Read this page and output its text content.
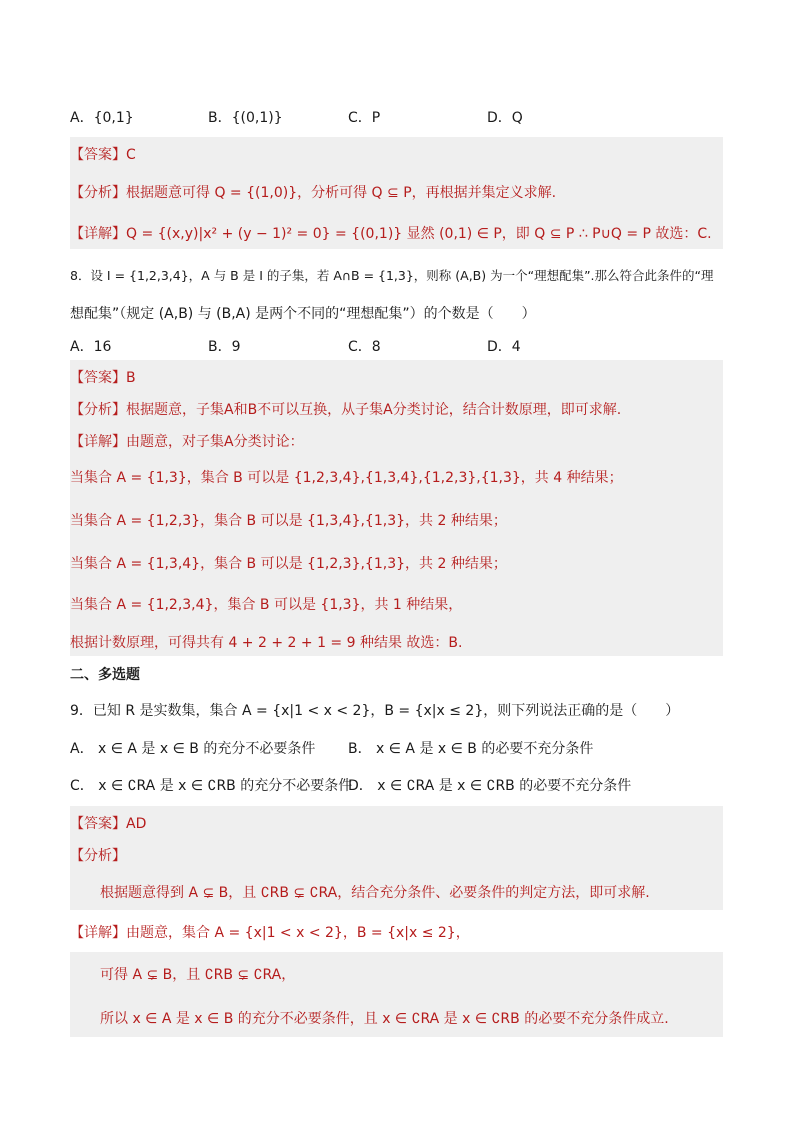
A．{0,1}	B．{(0,1)}	C．P	D．Q
【答案】C
【分析】根据题意可得 Q = {(1,0)}，分析可得 Q ⊆ P，再根据并集定义求解.
【详解】Q = {(x,y)|x² + (y − 1)² = 0} = {(0,1)} 显然 (0,1) ∈ P，即 Q ⊆ P ∴ P∪Q = P 故选：C.
8．设 I = {1,2,3,4}，A 与 B 是 I 的子集，若 A∩B = {1,3}，则称 (A,B) 为一个“理想配集”.那么符合此条件的“理
想配集”（规定 (A,B) 与 (B,A) 是两个不同的“理想配集”）的个数是（　　）
A．16	B．9	C．8	D．4
【答案】B
【分析】根据题意，子集A和B不可以互换，从子集A分类讨论，结合计数原理，即可求解.
【详解】由题意，对子集A分类讨论：
当集合 A = {1,3}，集合 B 可以是 {1,2,3,4},{1,3,4},{1,2,3},{1,3}，共 4 种结果；
当集合 A = {1,2,3}，集合 B 可以是 {1,3,4},{1,3}，共 2 种结果；
当集合 A = {1,3,4}，集合 B 可以是 {1,2,3},{1,3}，共 2 种结果；
当集合 A = {1,2,3,4}，集合 B 可以是 {1,3}，共 1 种结果，
根据计数原理，可得共有 4 + 2 + 2 + 1 = 9 种结果 故选：B.
二、多选题
9．已知 R 是实数集，集合 A = {x|1 < x < 2}，B = {x|x ≤ 2}，则下列说法正确的是（　　）
A． x ∈ A 是 x ∈ B 的充分不必要条件 B． x ∈ A 是 x ∈ B 的必要不充分条件
C． x ∈ ∁RA 是 x ∈ ∁RB 的充分不必要条件
D． x ∈ ∁RA 是 x ∈ ∁RB 的必要不充分条件
【答案】AD
【分析】
根据题意得到 A ⊊ B，且 ∁RB ⊊ ∁RA，结合充分条件、必要条件的判定方法，即可求解.
【详解】由题意，集合 A = {x|1 < x < 2}，B = {x|x ≤ 2}，
可得 A ⊊ B，且 ∁RB ⊊ ∁RA，
所以 x ∈ A 是 x ∈ B 的充分不必要条件，且 x ∈ ∁RA 是 x ∈ ∁RB 的必要不充分条件成立.
